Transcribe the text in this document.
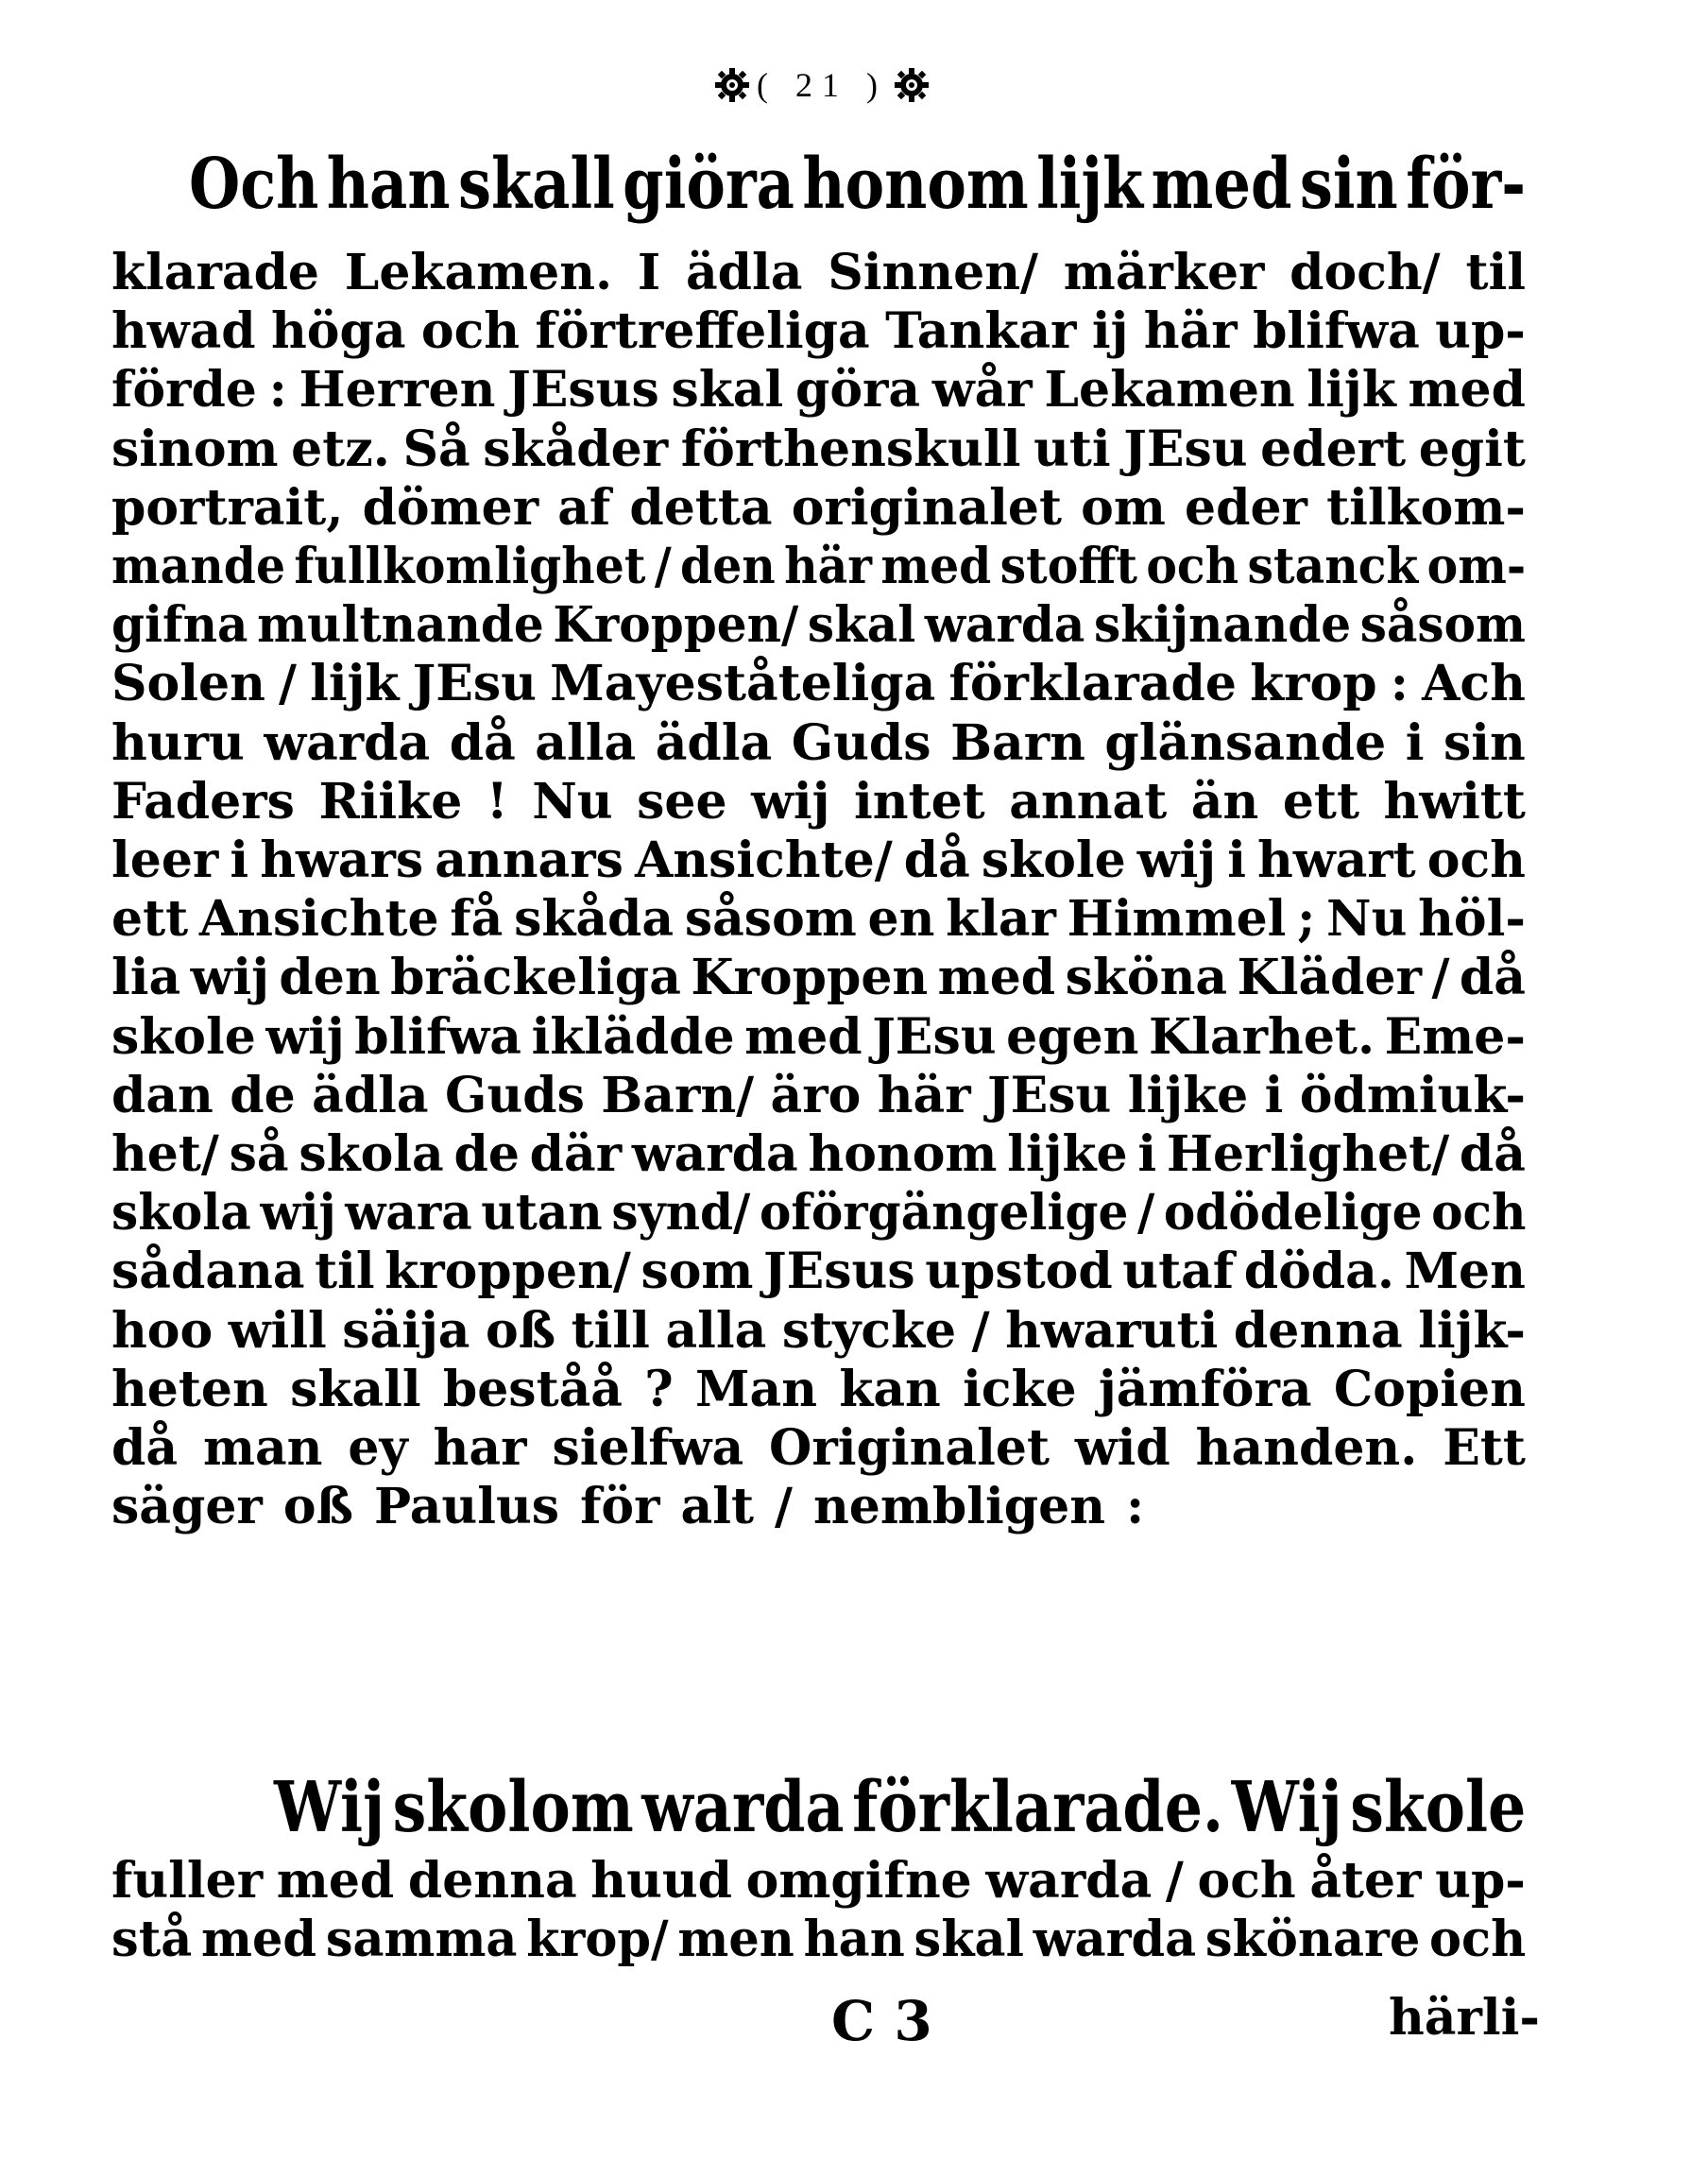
( 21 )
Och han skall giöra honom lijk med sin för-
klarade Lekamen. I ädla Sinnen/ märker doch/ til
hwad höga och förtreffeliga Tankar ij här blifwa up-
förde : Herren JEsus skal göra wår Lekamen lijk med
sinom etz. Så skåder förthenskull uti JEsu edert egit
portrait, dömer af detta originalet om eder tilkom-
mande fullkomlighet / den här med stofft och stanck om-
gifna multnande Kroppen/ skal warda skijnande såsom
Solen / lijk JEsu Mayeståteliga förklarade krop : Ach
huru warda då alla ädla Guds Barn glänsande i sin
Faders Riike ! Nu see wij intet annat än ett hwitt
leer i hwars annars Ansichte/ då skole wij i hwart och
ett Ansichte få skåda såsom en klar Himmel ; Nu höl-
lia wij den bräckeliga Kroppen med sköna Kläder / då
skole wij blifwa iklädde med JEsu egen Klarhet. Eme-
dan de ädla Guds Barn/ äro här JEsu lijke i ödmiuk-
het/ så skola de där warda honom lijke i Herlighet/ då
skola wij wara utan synd/ oförgängelige / odödelige och
sådana til kroppen/ som JEsus upstod utaf döda. Men
hoo will säija oß till alla stycke / hwaruti denna lijk-
heten skall beståå ? Man kan icke jämföra Copien
då man ey har sielfwa Originalet wid handen. Ett
säger oß Paulus för alt / nembligen :
Wij skolom warda förklarade. Wij skole
fuller med denna huud omgifne warda / och åter up-
stå med samma krop/ men han skal warda skönare och
C 3	härli-
